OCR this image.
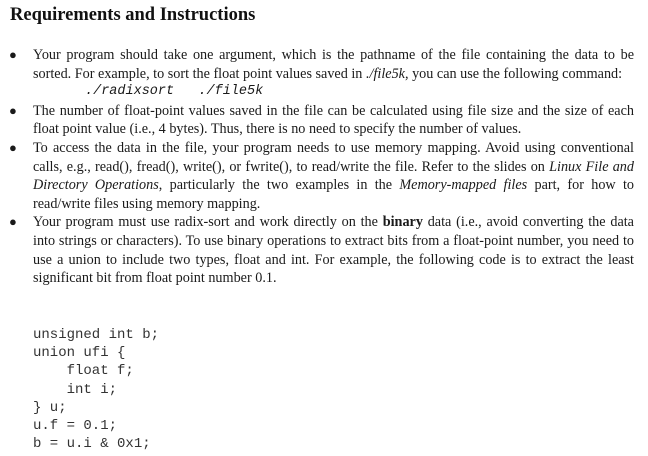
Requirements and Instructions
● Your program should take one argument, which is the pathname of the file containing the data to be sorted. For example, to sort the float point values saved in ./file5k, you can use the following command:
./radixsort   ./file5k
● The number of float-point values saved in the file can be calculated using file size and the size of each float point value (i.e., 4 bytes). Thus, there is no need to specify the number of values.
● To access the data in the file, your program needs to use memory mapping. Avoid using conventional calls, e.g., read(), fread(), write(), or fwrite(), to read/write the file. Refer to the slides on Linux File and Directory Operations, particularly the two examples in the Memory-mapped files part, for how to read/write files using memory mapping.
● Your program must use radix-sort and work directly on the binary data (i.e., avoid converting the data into strings or characters). To use binary operations to extract bits from a float-point number, you need to use a union to include two types, float and int. For example, the following code is to extract the least significant bit from float point number 0.1.
unsigned int b;
union ufi {
float f;
int i;
} u;
u.f = 0.1;
b = u.i & 0x1;
